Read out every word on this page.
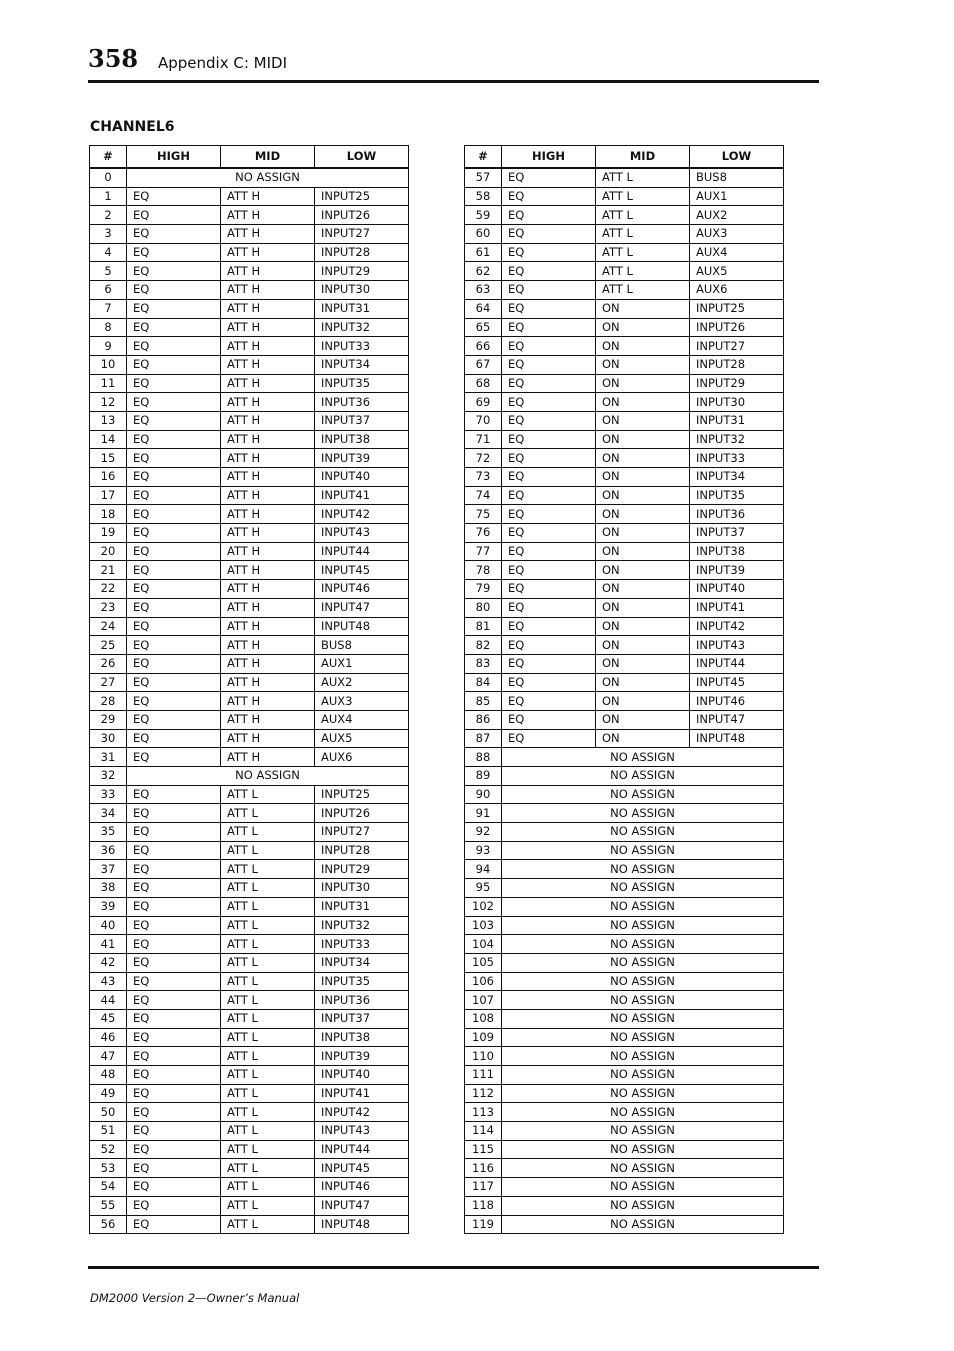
358 Appendix C: MIDI
CHANNEL6
#	HIGH	MID	LOW
0	NO ASSIGN		
1	EQ	ATT H	INPUT25
2	EQ	ATT H	INPUT26
3	EQ	ATT H	INPUT27
4	EQ	ATT H	INPUT28
5	EQ	ATT H	INPUT29
6	EQ	ATT H	INPUT30
7	EQ	ATT H	INPUT31
8	EQ	ATT H	INPUT32
9	EQ	ATT H	INPUT33
10	EQ	ATT H	INPUT34
11	EQ	ATT H	INPUT35
12	EQ	ATT H	INPUT36
13	EQ	ATT H	INPUT37
14	EQ	ATT H	INPUT38
15	EQ	ATT H	INPUT39
16	EQ	ATT H	INPUT40
17	EQ	ATT H	INPUT41
18	EQ	ATT H	INPUT42
19	EQ	ATT H	INPUT43
20	EQ	ATT H	INPUT44
21	EQ	ATT H	INPUT45
22	EQ	ATT H	INPUT46
23	EQ	ATT H	INPUT47
24	EQ	ATT H	INPUT48
25	EQ	ATT H	BUS8
26	EQ	ATT H	AUX1
27	EQ	ATT H	AUX2
28	EQ	ATT H	AUX3
29	EQ	ATT H	AUX4
30	EQ	ATT H	AUX5
31	EQ	ATT H	AUX6
32	NO ASSIGN		
33	EQ	ATT L	INPUT25
34	EQ	ATT L	INPUT26
35	EQ	ATT L	INPUT27
36	EQ	ATT L	INPUT28
37	EQ	ATT L	INPUT29
38	EQ	ATT L	INPUT30
39	EQ	ATT L	INPUT31
40	EQ	ATT L	INPUT32
41	EQ	ATT L	INPUT33
42	EQ	ATT L	INPUT34
43	EQ	ATT L	INPUT35
44	EQ	ATT L	INPUT36
45	EQ	ATT L	INPUT37
46	EQ	ATT L	INPUT38
47	EQ	ATT L	INPUT39
48	EQ	ATT L	INPUT40
49	EQ	ATT L	INPUT41
50	EQ	ATT L	INPUT42
51	EQ	ATT L	INPUT43
52	EQ	ATT L	INPUT44
53	EQ	ATT L	INPUT45
54	EQ	ATT L	INPUT46
55	EQ	ATT L	INPUT47
56	EQ	ATT L	INPUT48
#	HIGH	MID	LOW
57	EQ	ATT L	BUS8
58	EQ	ATT L	AUX1
59	EQ	ATT L	AUX2
60	EQ	ATT L	AUX3
61	EQ	ATT L	AUX4
62	EQ	ATT L	AUX5
63	EQ	ATT L	AUX6
64	EQ	ON	INPUT25
65	EQ	ON	INPUT26
66	EQ	ON	INPUT27
67	EQ	ON	INPUT28
68	EQ	ON	INPUT29
69	EQ	ON	INPUT30
70	EQ	ON	INPUT31
71	EQ	ON	INPUT32
72	EQ	ON	INPUT33
73	EQ	ON	INPUT34
74	EQ	ON	INPUT35
75	EQ	ON	INPUT36
76	EQ	ON	INPUT37
77	EQ	ON	INPUT38
78	EQ	ON	INPUT39
79	EQ	ON	INPUT40
80	EQ	ON	INPUT41
81	EQ	ON	INPUT42
82	EQ	ON	INPUT43
83	EQ	ON	INPUT44
84	EQ	ON	INPUT45
85	EQ	ON	INPUT46
86	EQ	ON	INPUT47
87	EQ	ON	INPUT48
88	NO ASSIGN		
89	NO ASSIGN		
90	NO ASSIGN		
91	NO ASSIGN		
92	NO ASSIGN		
93	NO ASSIGN		
94	NO ASSIGN		
95	NO ASSIGN		
102	NO ASSIGN		
103	NO ASSIGN		
104	NO ASSIGN		
105	NO ASSIGN		
106	NO ASSIGN		
107	NO ASSIGN		
108	NO ASSIGN		
109	NO ASSIGN		
110	NO ASSIGN		
111	NO ASSIGN		
112	NO ASSIGN		
113	NO ASSIGN		
114	NO ASSIGN		
115	NO ASSIGN		
116	NO ASSIGN		
117	NO ASSIGN		
118	NO ASSIGN		
119	NO ASSIGN		
DM2000 Version 2—Owner’s Manual
